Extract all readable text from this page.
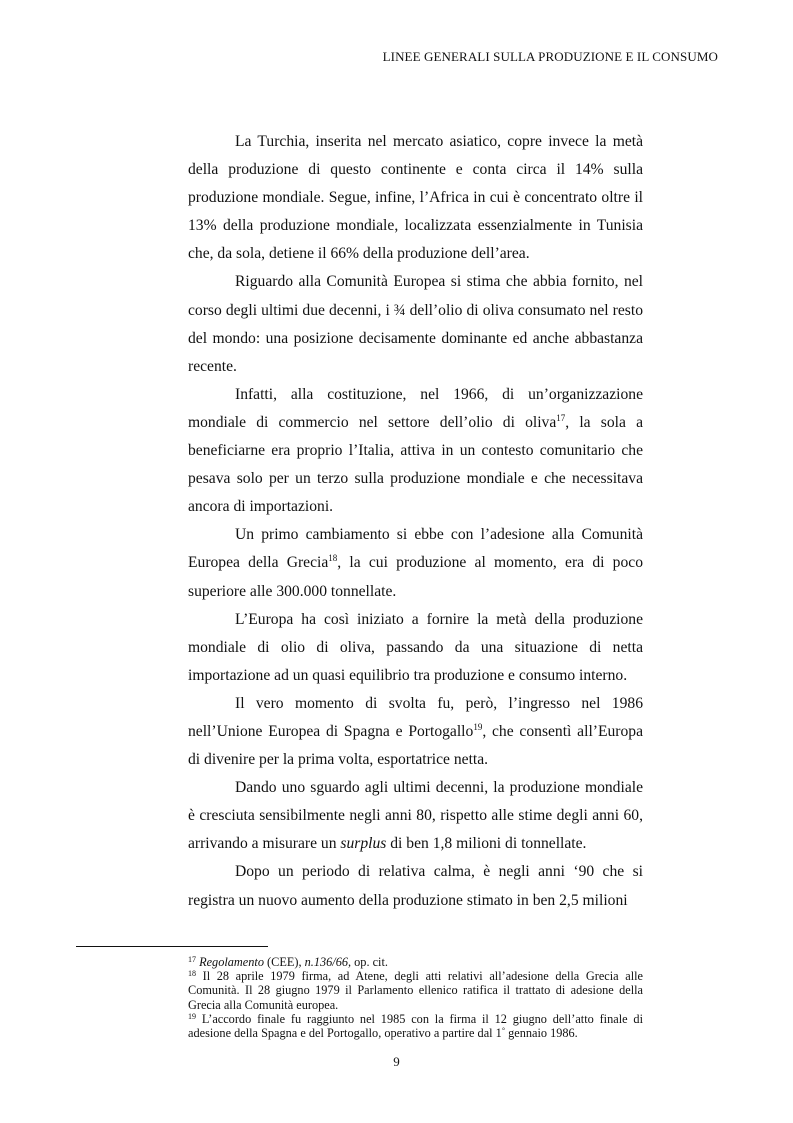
LINEE GENERALI SULLA PRODUZIONE E IL CONSUMO

La Turchia, inserita nel mercato asiatico, copre invece la metà della produzione di questo continente e conta circa il 14% sulla produzione mondiale. Segue, infine, l’Africa in cui è concentrato oltre il 13% della produzione mondiale, localizzata essenzialmente in Tunisia che, da sola, detiene il 66% della produzione dell’area.

Riguardo alla Comunità Europea si stima che abbia fornito, nel corso degli ultimi due decenni, i ¾ dell’olio di oliva consumato nel resto del mondo: una posizione decisamente dominante ed anche abbastanza recente.

Infatti, alla costituzione, nel 1966, di un’organizzazione mondiale di commercio nel settore dell’olio di oliva$^{17}$, la sola a beneficiarne era proprio l’Italia, attiva in un contesto comunitario che pesava solo per un terzo sulla produzione mondiale e che necessitava ancora di importazioni.

Un primo cambiamento si ebbe con l’adesione alla Comunità Europea della Grecia$^{18}$, la cui produzione al momento, era di poco superiore alle 300.000 tonnellate.

L’Europa ha così iniziato a fornire la metà della produzione mondiale di olio di oliva, passando da una situazione di netta importazione ad un quasi equilibrio tra produzione e consumo interno.

Il vero momento di svolta fu, però, l’ingresso nel 1986 nell’Unione Europea di Spagna e Portogallo$^{19}$, che consentì all’Europa di divenire per la prima volta, esportatrice netta.

Dando uno sguardo agli ultimi decenni, la produzione mondiale è cresciuta sensibilmente negli anni 80, rispetto alle stime degli anni 60, arrivando a misurare un surplus di ben 1,8 milioni di tonnellate.

Dopo un periodo di relativa calma, è negli anni ‘90 che si registra un nuovo aumento della produzione stimato in ben 2,5 milioni

$^{17}$ Regolamento (CEE), n.136/66, op. cit.

$^{18}$ Il 28 aprile 1979 firma, ad Atene, degli atti relativi all’adesione della Grecia alle Comunità. Il 28 giugno 1979 il Parlamento ellenico ratifica il trattato di adesione della Grecia alla Comunità europea.

$^{19}$ L’accordo finale fu raggiunto nel 1985 con la firma il 12 giugno dell’atto finale di adesione della Spagna e del Portogallo, operativo a partire dal 1° gennaio 1986.

9
